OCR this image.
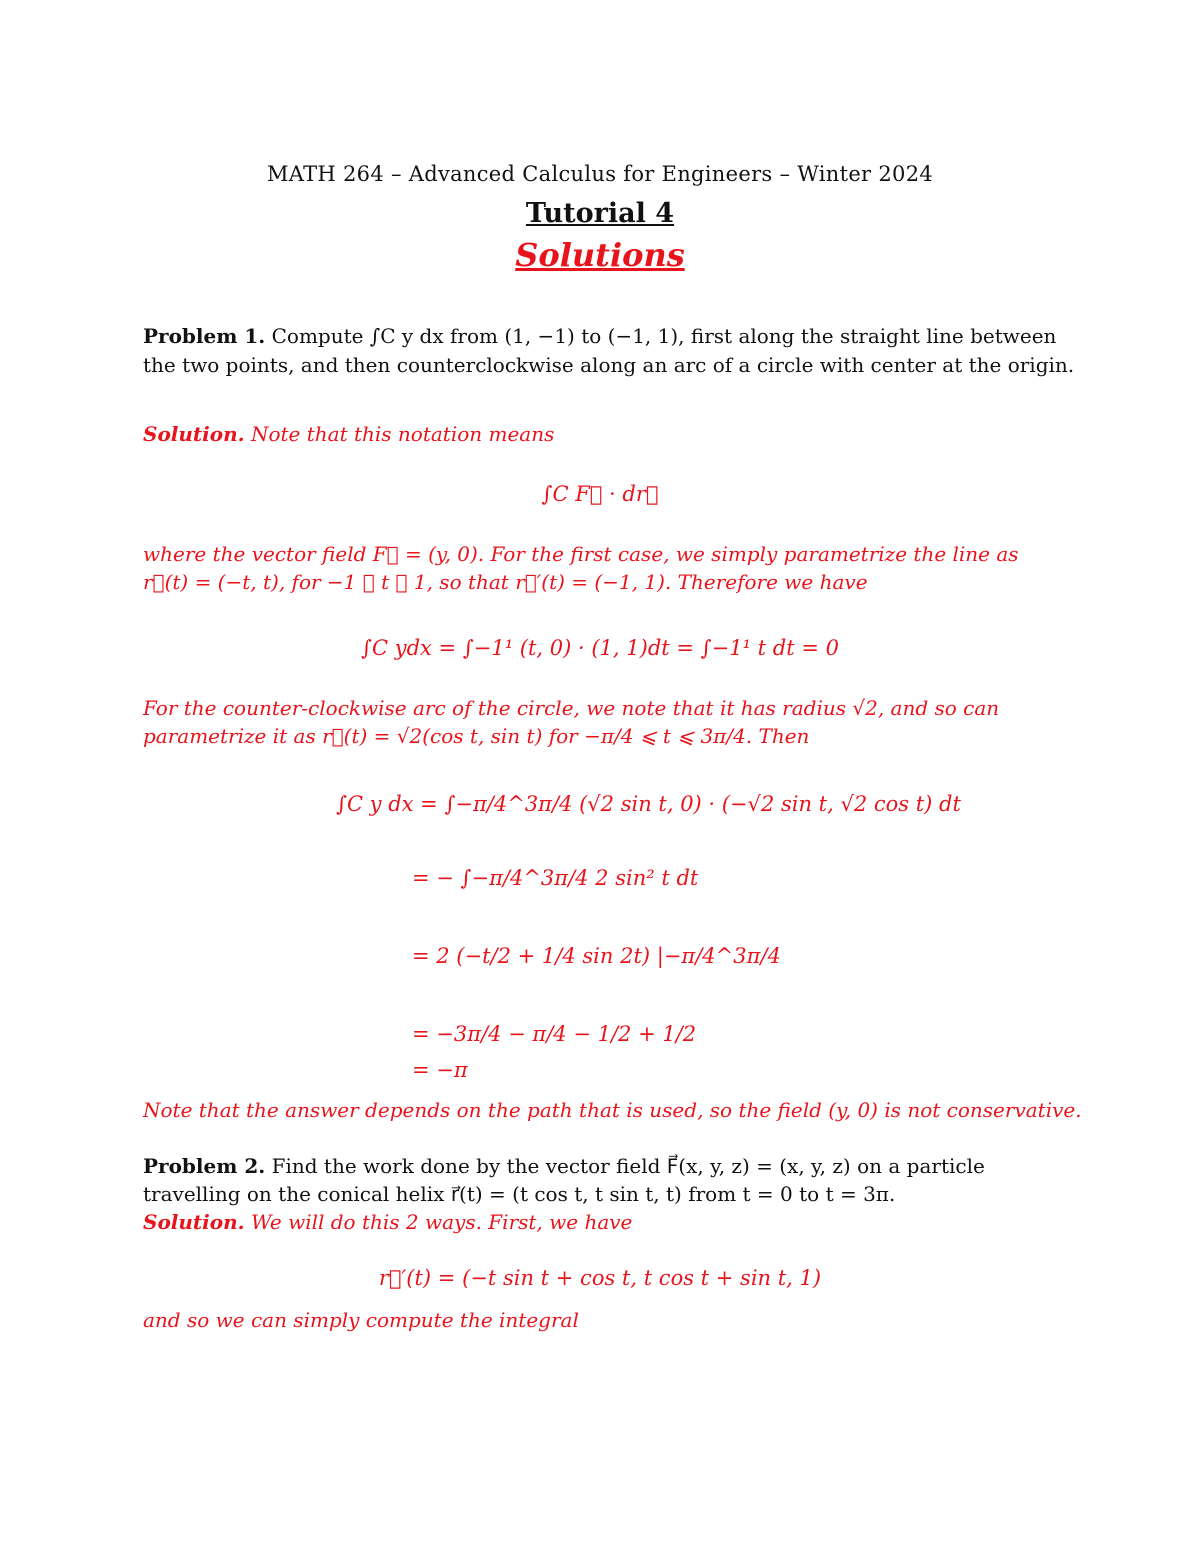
MATH 264 – Advanced Calculus for Engineers – Winter 2024
Tutorial 4
Solutions
Problem 1. Compute ∫C y dx from (1, −1) to (−1, 1), first along the straight line between
the two points, and then counterclockwise along an arc of a circle with center at the origin.
Solution. Note that this notation means
∫C F⃗ · dr⃗
where the vector field F⃗ = (y, 0). For the first case, we simply parametrize the line as
r⃗(t) = (−t, t), for −1 ⩽ t ⩽ 1, so that r⃗′(t) = (−1, 1). Therefore we have
∫C ydx = ∫−1¹ (t, 0) · (1, 1)dt = ∫−1¹ t dt = 0
For the counter-clockwise arc of the circle, we note that it has radius √2, and so can
parametrize it as r⃗(t) = √2(cos t, sin t) for −π/4 ⩽ t ⩽ 3π/4. Then
∫C y dx = ∫−π/4^3π/4 (√2 sin t, 0) · (−√2 sin t, √2 cos t) dt
= − ∫−π/4^3π/4 2 sin² t dt
= 2 (−t/2 + 1/4 sin 2t) |−π/4^3π/4
= −3π/4 − π/4 − 1/2 + 1/2
= −π
Note that the answer depends on the path that is used, so the field (y, 0) is not conservative.
Problem 2. Find the work done by the vector field F⃗(x, y, z) = (x, y, z) on a particle
travelling on the conical helix r⃗(t) = (t cos t, t sin t, t) from t = 0 to t = 3π.
Solution. We will do this 2 ways. First, we have
r⃗′(t) = (−t sin t + cos t, t cos t + sin t, 1)
and so we can simply compute the integral
